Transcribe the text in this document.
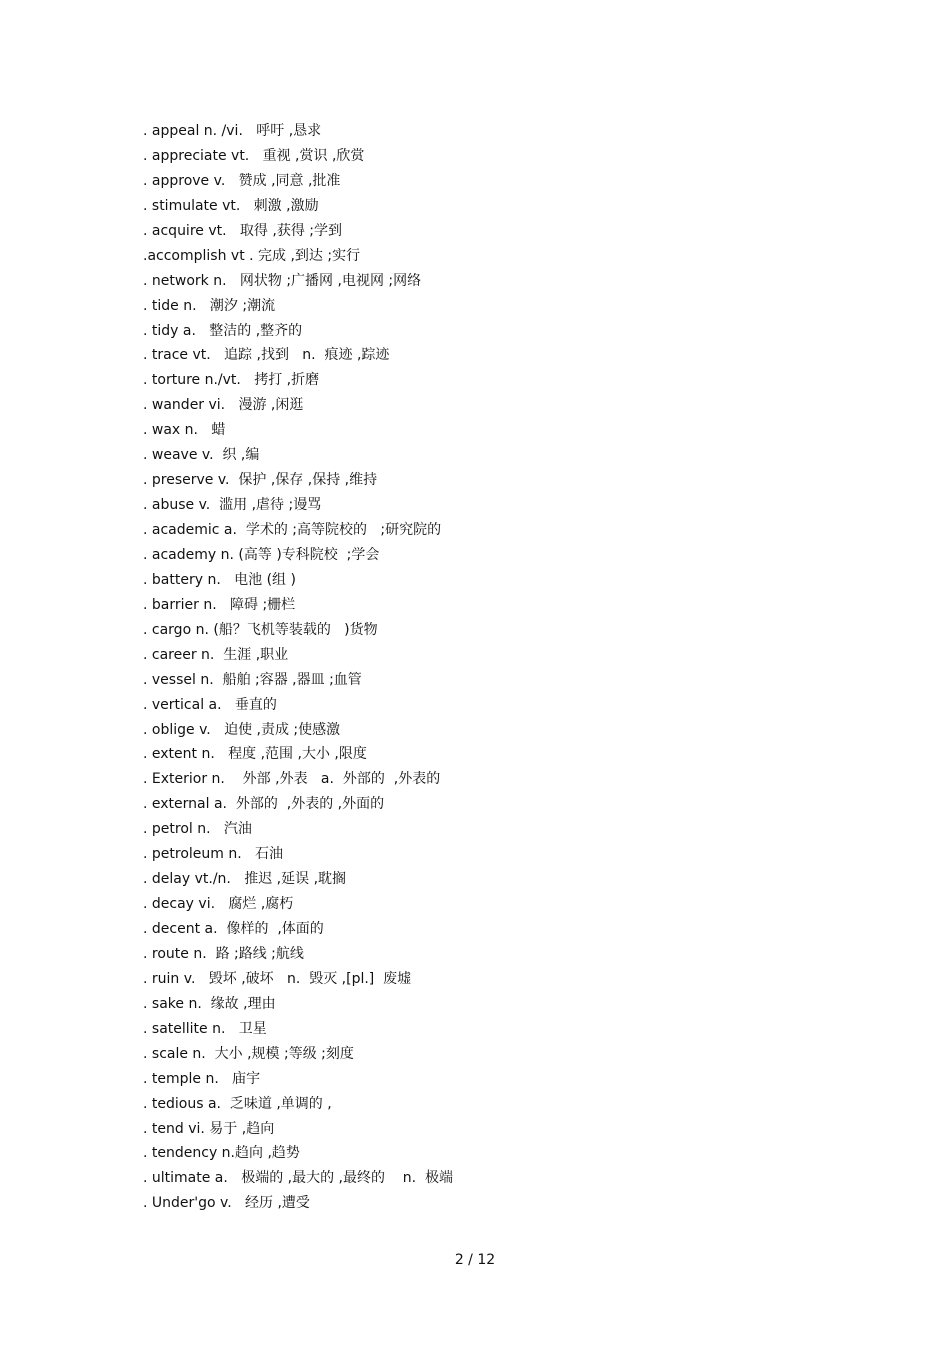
. appeal n. /vi.   呼吁 ,恳求
. appreciate vt.   重视 ,赏识 ,欣赏
. approve v.   赞成 ,同意 ,批准
. stimulate vt.   刺激 ,激励
. acquire vt.   取得 ,获得 ;学到
.accomplish vt . 完成 ,到达 ;实行
. network n.   网状物 ;广播网 ,电视网 ;网络
. tide n.   潮汐 ;潮流
. tidy a.   整洁的 ,整齐的
. trace vt.   追踪 ,找到   n.  痕迹 ,踪迹
. torture n./vt.   拷打 ,折磨
. wander vi.   漫游 ,闲逛
. wax n.   蜡
. weave v.  织 ,编
. preserve v.  保护 ,保存 ,保持 ,维持
. abuse v.  滥用 ,虐待 ;谩骂
. academic a.  学术的 ;高等院校的   ;研究院的
. academy n. (高等 )专科院校  ;学会
. battery n.   电池 (组 )
. barrier n.   障碍 ;栅栏
. cargo n. (船？飞机等装载的   )货物
. career n.  生涯 ,职业
. vessel n.  船舶 ;容器 ,器皿 ;血管
. vertical a.   垂直的
. oblige v.   迫使 ,责成 ;使感激
. extent n.   程度 ,范围 ,大小 ,限度
. Exterior n.    外部 ,外表   a.  外部的  ,外表的
. external a.  外部的  ,外表的 ,外面的
. petrol n.   汽油
. petroleum n.   石油
. delay vt./n.   推迟 ,延误 ,耽搁
. decay vi.   腐烂 ,腐朽
. decent a.  像样的  ,体面的
. route n.  路 ;路线 ;航线
. ruin v.   毁坏 ,破坏   n.  毁灭 ,[pl.]  废墟
. sake n.  缘故 ,理由
. satellite n.   卫星
. scale n.  大小 ,规模 ;等级 ;刻度
. temple n.   庙宇
. tedious a.  乏味道 ,单调的 ,
. tend vi. 易于 ,趋向
. tendency n.趋向 ,趋势
. ultimate a.   极端的 ,最大的 ,最终的    n.  极端
. Under'go v.   经历 ,遭受
2 / 12
